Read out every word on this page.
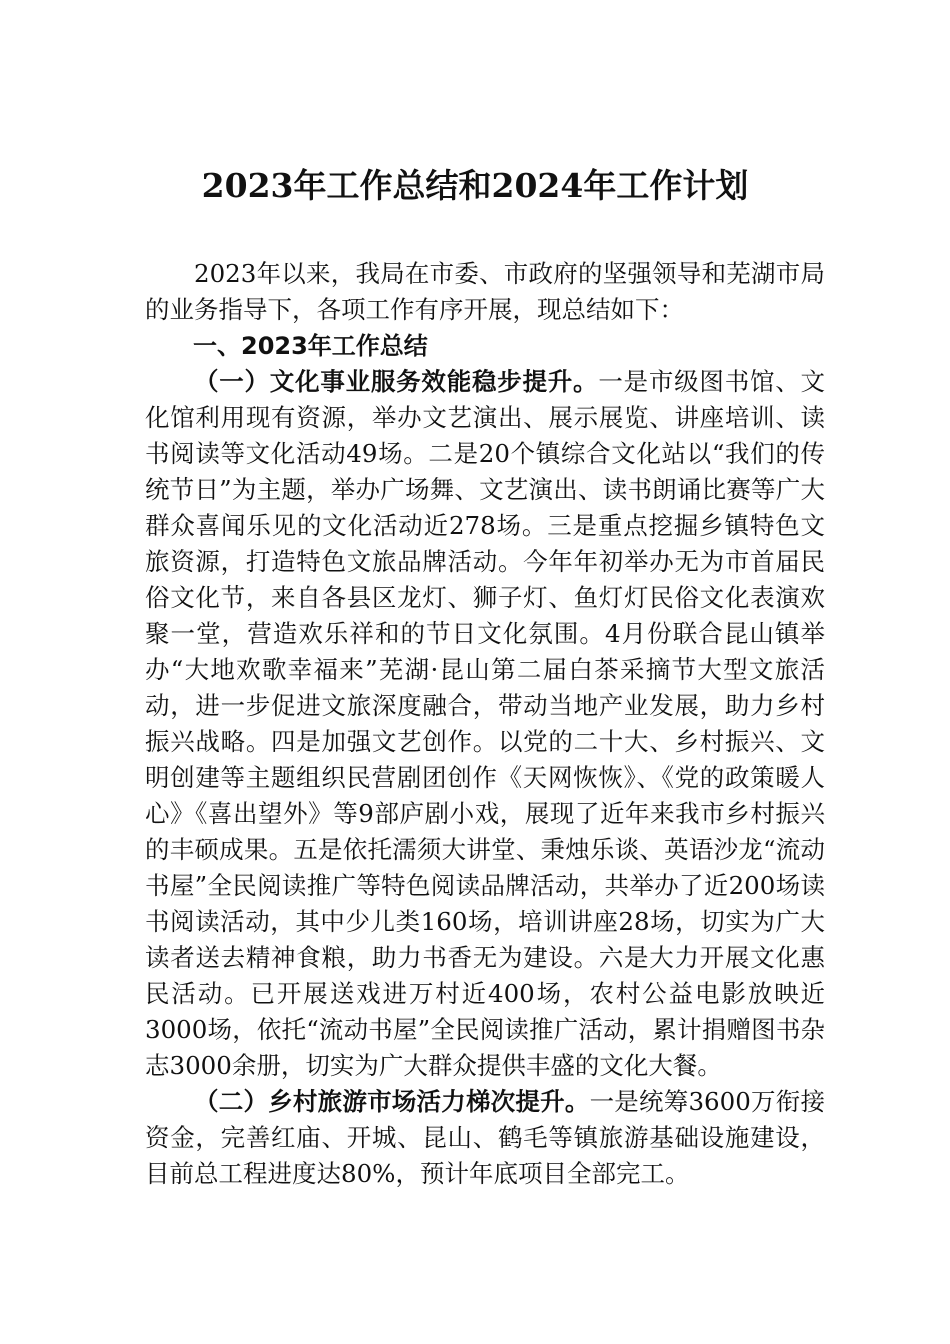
2023年工作总结和2024年工作计划

2023年以来，我局在市委、市政府的坚强领导和芜湖市局的业务指导下，各项工作有序开展，现总结如下：

一、2023年工作总结

（一）文化事业服务效能稳步提升。一是市级图书馆、文化馆利用现有资源，举办文艺演出、展示展览、讲座培训、读书阅读等文化活动49场。二是20个镇综合文化站以“我们的传统节日”为主题，举办广场舞、文艺演出、读书朗诵比赛等广大群众喜闻乐见的文化活动近278场。三是重点挖掘乡镇特色文旅资源，打造特色文旅品牌活动。今年年初举办无为市首届民俗文化节，来自各县区龙灯、狮子灯、鱼灯灯民俗文化表演欢聚一堂，营造欢乐祥和的节日文化氛围。4月份联合昆山镇举办“大地欢歌幸福来”芜湖·昆山第二届白茶采摘节大型文旅活动，进一步促进文旅深度融合，带动当地产业发展，助力乡村振兴战略。四是加强文艺创作。以党的二十大、乡村振兴、文明创建等主题组织民营剧团创作《天网恢恢》、《党的政策暖人心》《喜出望外》等9部庐剧小戏，展现了近年来我市乡村振兴的丰硕成果。五是依托濡须大讲堂、秉烛乐谈、英语沙龙“流动书屋”全民阅读推广等特色阅读品牌活动，共举办了近200场读书阅读活动，其中少儿类160场，培训讲座28场，切实为广大读者送去精神食粮，助力书香无为建设。六是大力开展文化惠民活动。已开展送戏进万村近400场，农村公益电影放映近3000场，依托“流动书屋”全民阅读推广活动，累计捐赠图书杂志3000余册，切实为广大群众提供丰盛的文化大餐。

（二）乡村旅游市场活力梯次提升。一是统筹3600万衔接资金，完善红庙、开城、昆山、鹤毛等镇旅游基础设施建设，目前总工程进度达80%，预计年底项目全部完工。
